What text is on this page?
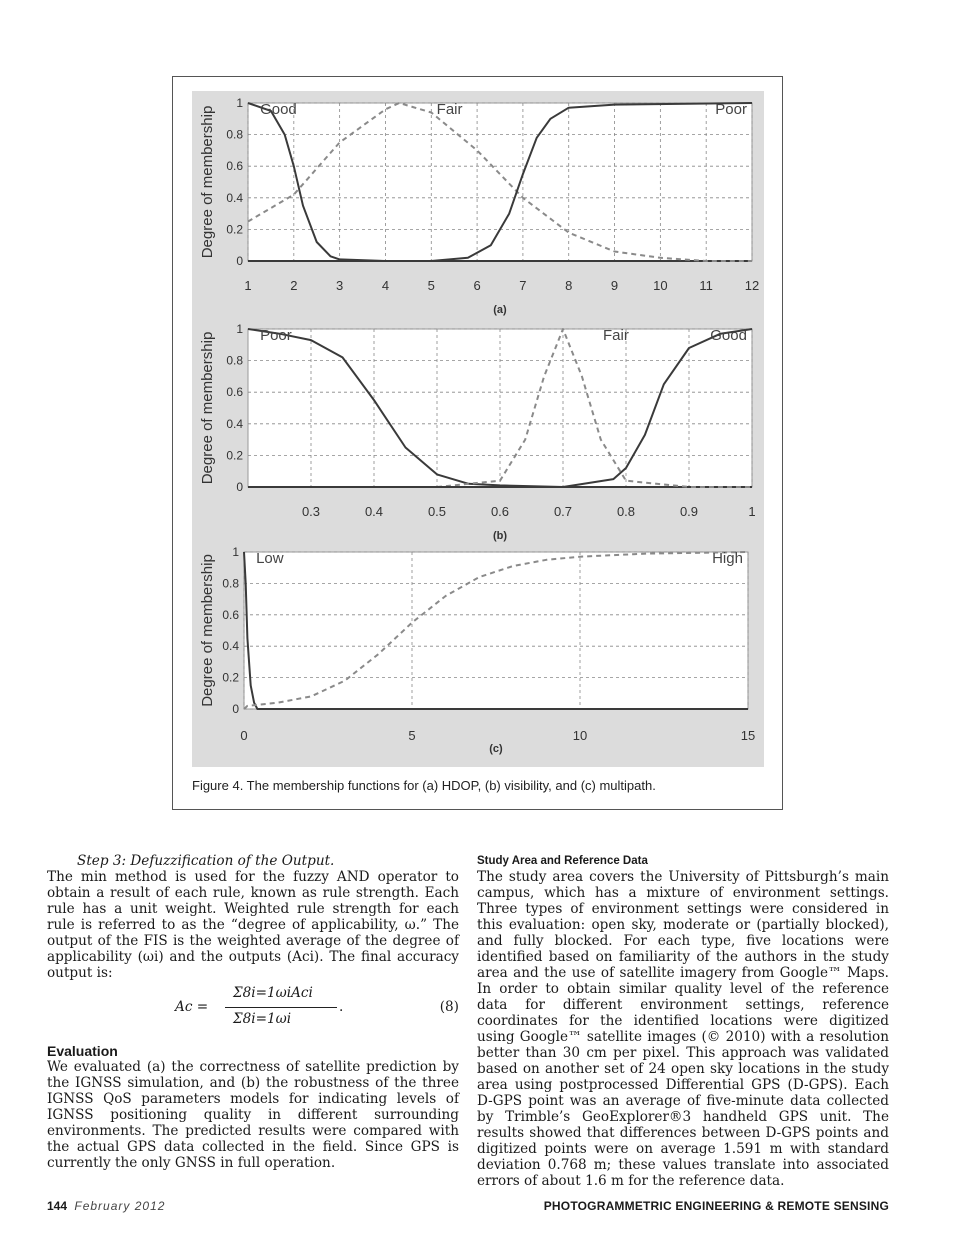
1	2	3	4	5	6	7	8	9	10 11 12
0
0.2
0.4
0.6
0.8
1
Degree of membership
(a)
Good	Fair	Poor
0.3	0.4	0.5	0.6	0.7	0.8	0.9	1
0
0.2
0.4
0.6
0.8
1
Degree of membership
(b)
Poor	Fair	Good
0	5	10	15
0
0.2
0.4
0.6
0.8
1
Degree of membership
(c)
Low	High
Figure 4. The membership functions for (a) HDOP, (b) visibility, and (c) multipath.

Step 3: Defuzzification of the Output.

The min method is used for the fuzzy AND operator to obtain a result of each rule, known as rule strength. Each rule has a unit weight. Weighted rule strength for each rule is referred to as the “degree of applicability, ω.” The output of the FIS is the weighted average of the degree of applicability (ωi) and the outputs (Aci). The final accuracy output is:

Ac =
Σ8i=1ωiAci
Σ8i=1ωi
.	(8)

Evaluation

We evaluated (a) the correctness of satellite prediction by the IGNSS simulation, and (b) the robustness of the three IGNSS QoS parameters models for indicating levels of IGNSS positioning quality in different surrounding environments. The predicted results were compared with the actual GPS data collected in the field. Since GPS is currently the only GNSS in full operation.

Study Area and Reference Data

The study area covers the University of Pittsburgh’s main campus, which has a mixture of environment settings. Three types of environment settings were considered in this evaluation: open sky, moderate or (partially blocked), and fully blocked. For each type, five locations were identified based on familiarity of the authors in the study area and the use of satellite imagery from Google™ Maps. In order to obtain similar quality level of the reference data for different environment settings, reference coordinates for the identified locations were digitized using Google™ satellite images (© 2010) with a resolution better than 30 cm per pixel. This approach was validated based on another set of 24 open sky locations in the study area using postprocessed Differential GPS (D-GPS). Each D-GPS point was an average of five-minute data collected by Trimble’s GeoExplorer®3 handheld GPS unit. The results showed that differences between D-GPS points and digitized points were on average 1.591 m with standard deviation 0.768 m; these values translate into associated errors of about 1.6 m for the reference data.

144 February 2012	PHOTOGRAMMETRIC ENGINEERING & REMOTE SENSING
